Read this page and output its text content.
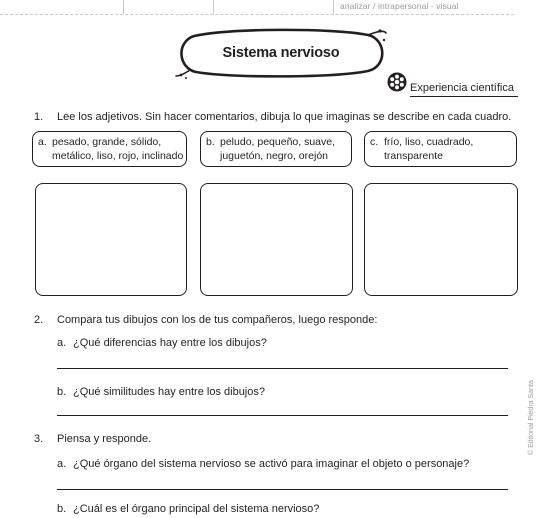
analizar / intrapersonal - visual
Sistema nervioso
Experiencia científica
1. Lee los adjetivos. Sin hacer comentarios, dibuja lo que imaginas se describe en cada cuadro.
a. pesado, grande, sólido,
metálico, liso, rojo, inclinado
b. peludo, pequeño, suave,
juguetón, negro, orejón
c. frío, liso, cuadrado,
transparente
2. Compara tus dibujos con los de tus compañeros, luego responde:
a. ¿Qué diferencias hay entre los dibujos?
b. ¿Qué similitudes hay entre los dibujos?
3. Piensa y responde.
a. ¿Qué órgano del sistema nervioso se activó para imaginar el objeto o personaje?
b. ¿Cuál es el órgano principal del sistema nervioso?
© Editorial Piedra Santa
